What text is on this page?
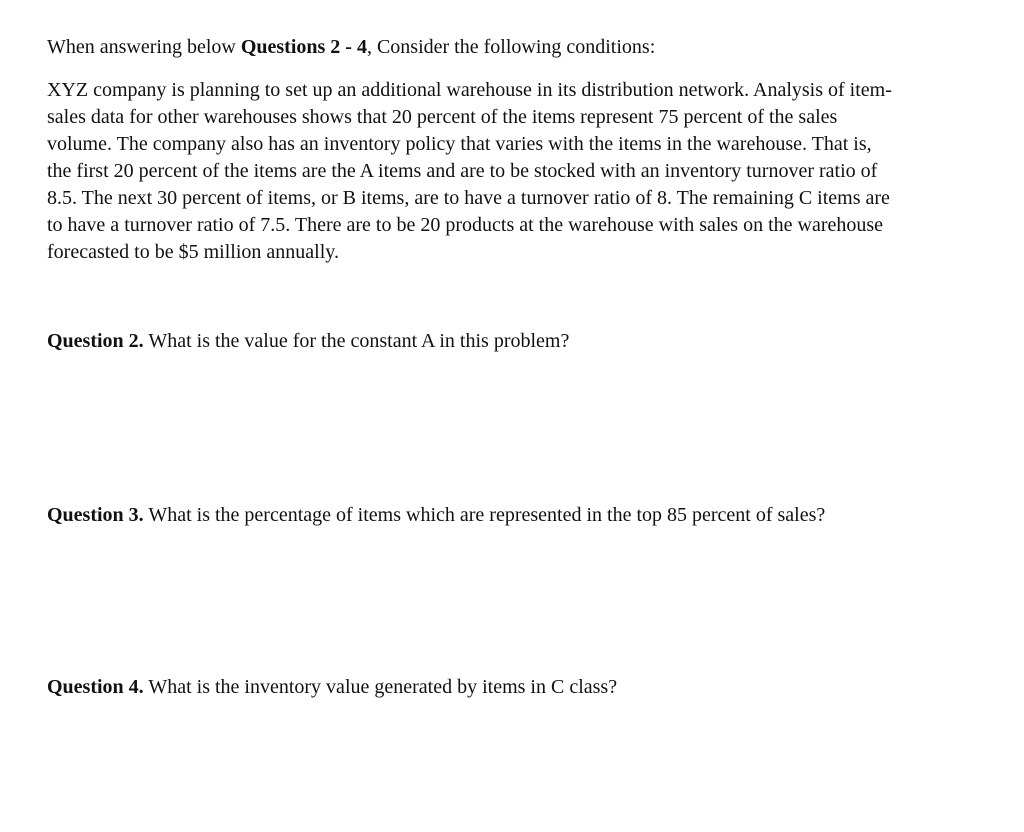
When answering below Questions 2 - 4, Consider the following conditions:
XYZ company is planning to set up an additional warehouse in its distribution network. Analysis of item-
sales data for other warehouses shows that 20 percent of the items represent 75 percent of the sales
volume. The company also has an inventory policy that varies with the items in the warehouse. That is,
the first 20 percent of the items are the A items and are to be stocked with an inventory turnover ratio of
8.5. The next 30 percent of items, or B items, are to have a turnover ratio of 8. The remaining C items are
to have a turnover ratio of 7.5. There are to be 20 products at the warehouse with sales on the warehouse
forecasted to be $5 million annually.
Question 2. What is the value for the constant A in this problem?
Question 3. What is the percentage of items which are represented in the top 85 percent of sales?
Question 4. What is the inventory value generated by items in C class?
